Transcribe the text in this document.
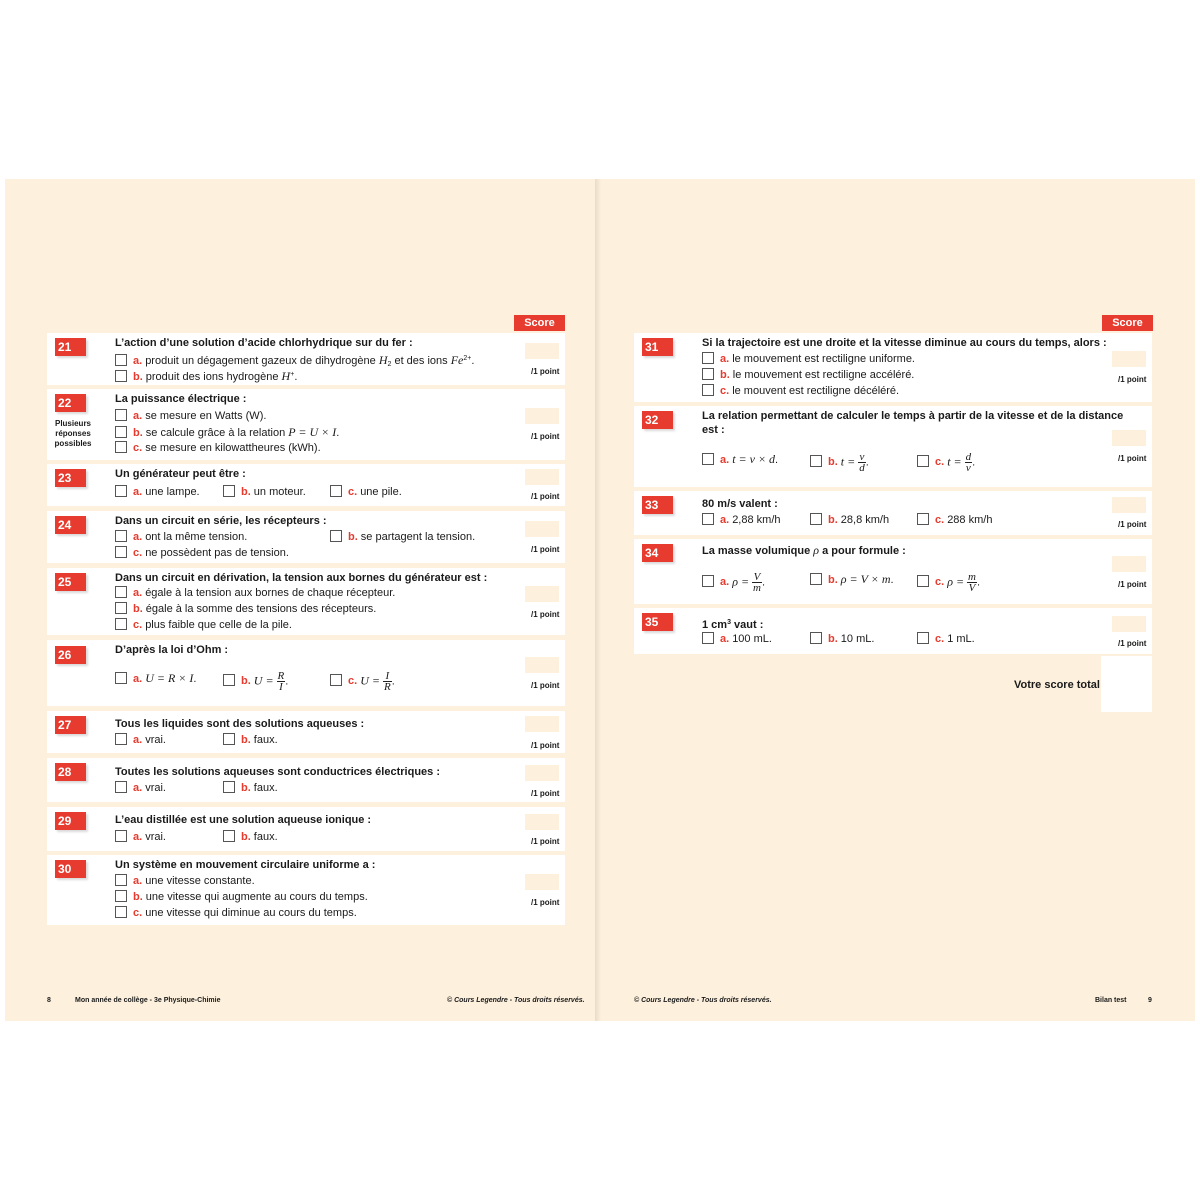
Score	Score
21	L’action d’une solution d’acide chlorhydrique sur du fer :
a. produit un dégagement gazeux de dihydrogène $H_2$ et des ions $Fe^{2+}$.
b. produit des ions hydrogène H+.	/1 point
22
Plusieurs réponses possibles
La puissance électrique :
a. se mesure en Watts (W).
b. se calcule grâce à la relation P = U × I.
c. se mesure en kilowattheures (kWh).
/1 point
23	Un générateur peut être :
a. une lampe.	b. un moteur.	c. une pile.	/1 point
24	Dans un circuit en série, les récepteurs :
a. ont la même tension.	b. se partagent la tension.
c. ne possèdent pas de tension.	/1 point
25	Dans un circuit en dérivation, la tension aux bornes du générateur est :
a. égale à la tension aux bornes de chaque récepteur.
b. égale à la somme des tensions des récepteurs.
c. plus faible que celle de la pile.
/1 point
26	D’après la loi d’Ohm :
a. U = R × I.	b. $U = \frac{R}{I}$ .	c. $U = \frac{I}{R}$ .	/1 point
27	Tous les liquides sont des solutions aqueuses :
a. vrai.	b. faux.	/1 point
28	Toutes les solutions aqueuses sont conductrices électriques :
a. vrai.	b. faux.	/1 point
29	L’eau distillée est une solution aqueuse ionique :
a. vrai.	b. faux.	/1 point
30	Un système en mouvement circulaire uniforme a :
a. une vitesse constante.
b. une vitesse qui augmente au cours du temps.
c. une vitesse qui diminue au cours du temps.
/1 point
31	Si la trajectoire est une droite et la vitesse diminue au cours du temps, alors :
a. le mouvement est rectiligne uniforme.
b. le mouvement est rectiligne accéléré.
c. le mouvent est rectiligne décéléré.
/1 point
32	La relation permettant de calculer le temps à partir de la vitesse et de la distance
est :
a. t = v × d.	b. $t = \frac{v}{d}$ .	c. $t = \frac{d}{v}$ .	/1 point
33	80 m/s valent :
a. 2,88 km/h	b. 28,8 km/h	c. 288 km/h	/1 point
34	La masse volumique ρ a pour formule :
a. $\rho = \frac{V}{m}$ .	b. ρ = V × m.	c. $\rho = \frac{m}{V}$ .	/1 point
35	1 $cm^3$ vaut :
a. 100 mL.	b. 10 mL.	c. 1 mL.	/1 point
Votre score total
8	Mon année de collège - 3e Physique-Chimie	© Cours Legendre - Tous droits réservés.	© Cours Legendre - Tous droits réservés.	Bilan test	9
